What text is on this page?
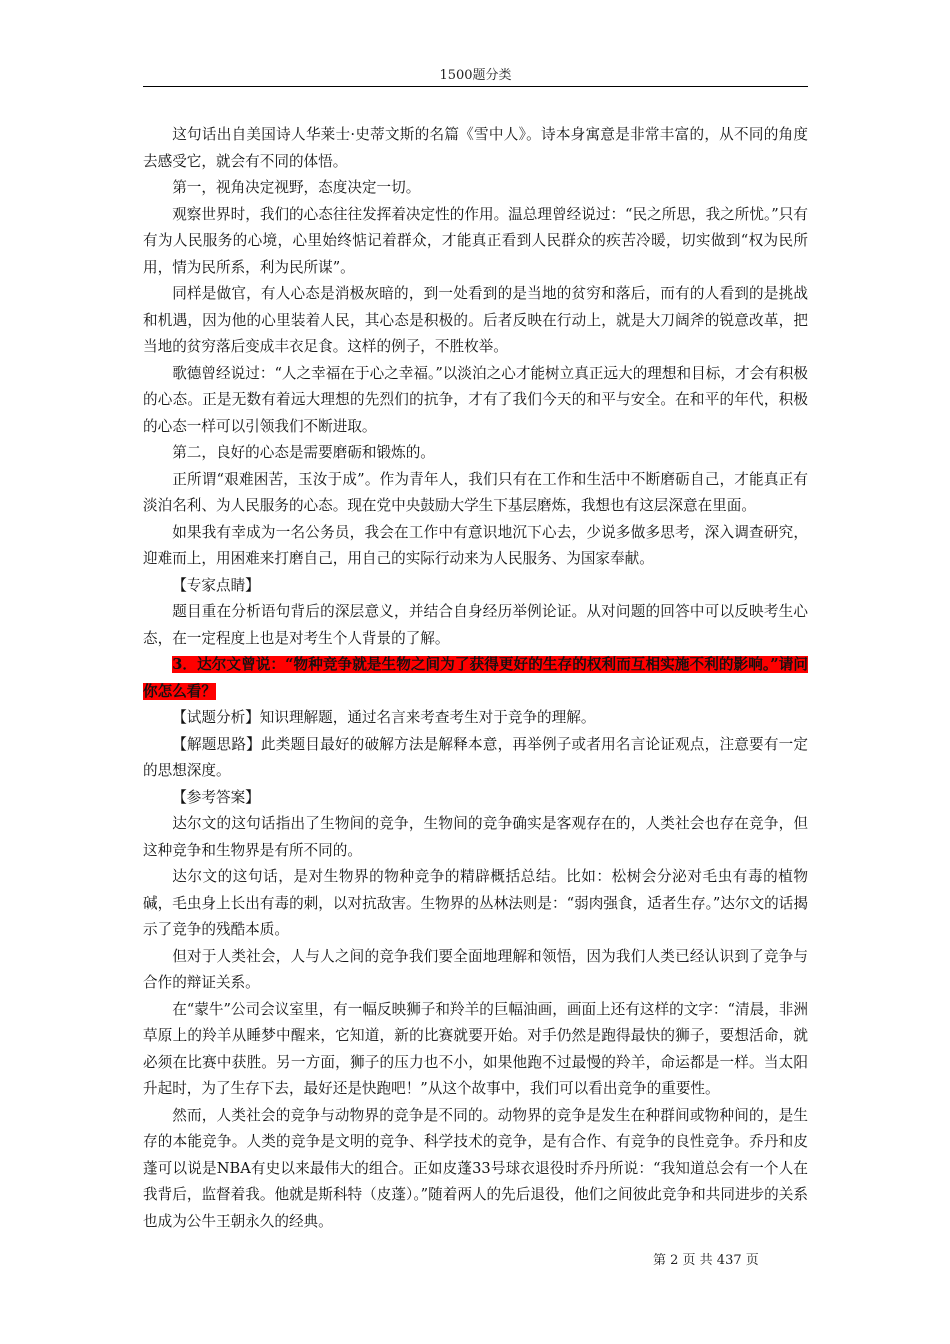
1500题分类

这句话出自美国诗人华莱士·史蒂文斯的名篇《雪中人》。诗本身寓意是非常丰富的，从不同的角度去感受它，就会有不同的体悟。

第一，视角决定视野，态度决定一切。

观察世界时，我们的心态往往发挥着决定性的作用。温总理曾经说过：“民之所思，我之所忧。”只有有为人民服务的心境，心里始终惦记着群众，才能真正看到人民群众的疾苦冷暖，切实做到“权为民所用，情为民所系，利为民所谋”。

同样是做官，有人心态是消极灰暗的，到一处看到的是当地的贫穷和落后，而有的人看到的是挑战和机遇，因为他的心里装着人民，其心态是积极的。后者反映在行动上，就是大刀阔斧的锐意改革，把当地的贫穷落后变成丰衣足食。这样的例子，不胜枚举。

歌德曾经说过：“人之幸福在于心之幸福。”以淡泊之心才能树立真正远大的理想和目标，才会有积极的心态。正是无数有着远大理想的先烈们的抗争，才有了我们今天的和平与安全。在和平的年代，积极的心态一样可以引领我们不断进取。

第二，良好的心态是需要磨砺和锻炼的。

正所谓“艰难困苦，玉汝于成”。作为青年人，我们只有在工作和生活中不断磨砺自己，才能真正有淡泊名利、为人民服务的心态。现在党中央鼓励大学生下基层磨炼，我想也有这层深意在里面。

如果我有幸成为一名公务员，我会在工作中有意识地沉下心去，少说多做多思考，深入调查研究，迎难而上，用困难来打磨自己，用自己的实际行动来为人民服务、为国家奉献。

【专家点睛】

题目重在分析语句背后的深层意义，并结合自身经历举例论证。从对问题的回答中可以反映考生心态，在一定程度上也是对考生个人背景的了解。

3．达尔文曾说：“物种竞争就是生物之间为了获得更好的生存的权利而互相实施不利的影响。”请问你怎么看？

【试题分析】知识理解题，通过名言来考查考生对于竞争的理解。

【解题思路】此类题目最好的破解方法是解释本意，再举例子或者用名言论证观点，注意要有一定的思想深度。

【参考答案】

达尔文的这句话指出了生物间的竞争，生物间的竞争确实是客观存在的，人类社会也存在竞争，但这种竞争和生物界是有所不同的。

达尔文的这句话，是对生物界的物种竞争的精辟概括总结。比如：松树会分泌对毛虫有毒的植物碱，毛虫身上长出有毒的刺，以对抗敌害。生物界的丛林法则是：“弱肉强食，适者生存。”达尔文的话揭示了竞争的残酷本质。

但对于人类社会，人与人之间的竞争我们要全面地理解和领悟，因为我们人类已经认识到了竞争与合作的辩证关系。

在“蒙牛”公司会议室里，有一幅反映狮子和羚羊的巨幅油画，画面上还有这样的文字：“清晨，非洲草原上的羚羊从睡梦中醒来，它知道，新的比赛就要开始。对手仍然是跑得最快的狮子，要想活命，就必须在比赛中获胜。另一方面，狮子的压力也不小，如果他跑不过最慢的羚羊，命运都是一样。当太阳升起时，为了生存下去，最好还是快跑吧！”从这个故事中，我们可以看出竞争的重要性。

然而，人类社会的竞争与动物界的竞争是不同的。动物界的竞争是发生在种群间或物种间的，是生存的本能竞争。人类的竞争是文明的竞争、科学技术的竞争，是有合作、有竞争的良性竞争。乔丹和皮蓬可以说是NBA有史以来最伟大的组合。正如皮蓬33号球衣退役时乔丹所说：“我知道总会有一个人在我背后，监督着我。他就是斯科特（皮蓬）。”随着两人的先后退役，他们之间彼此竞争和共同进步的关系也成为公牛王朝永久的经典。

第 2 页 共 437 页
